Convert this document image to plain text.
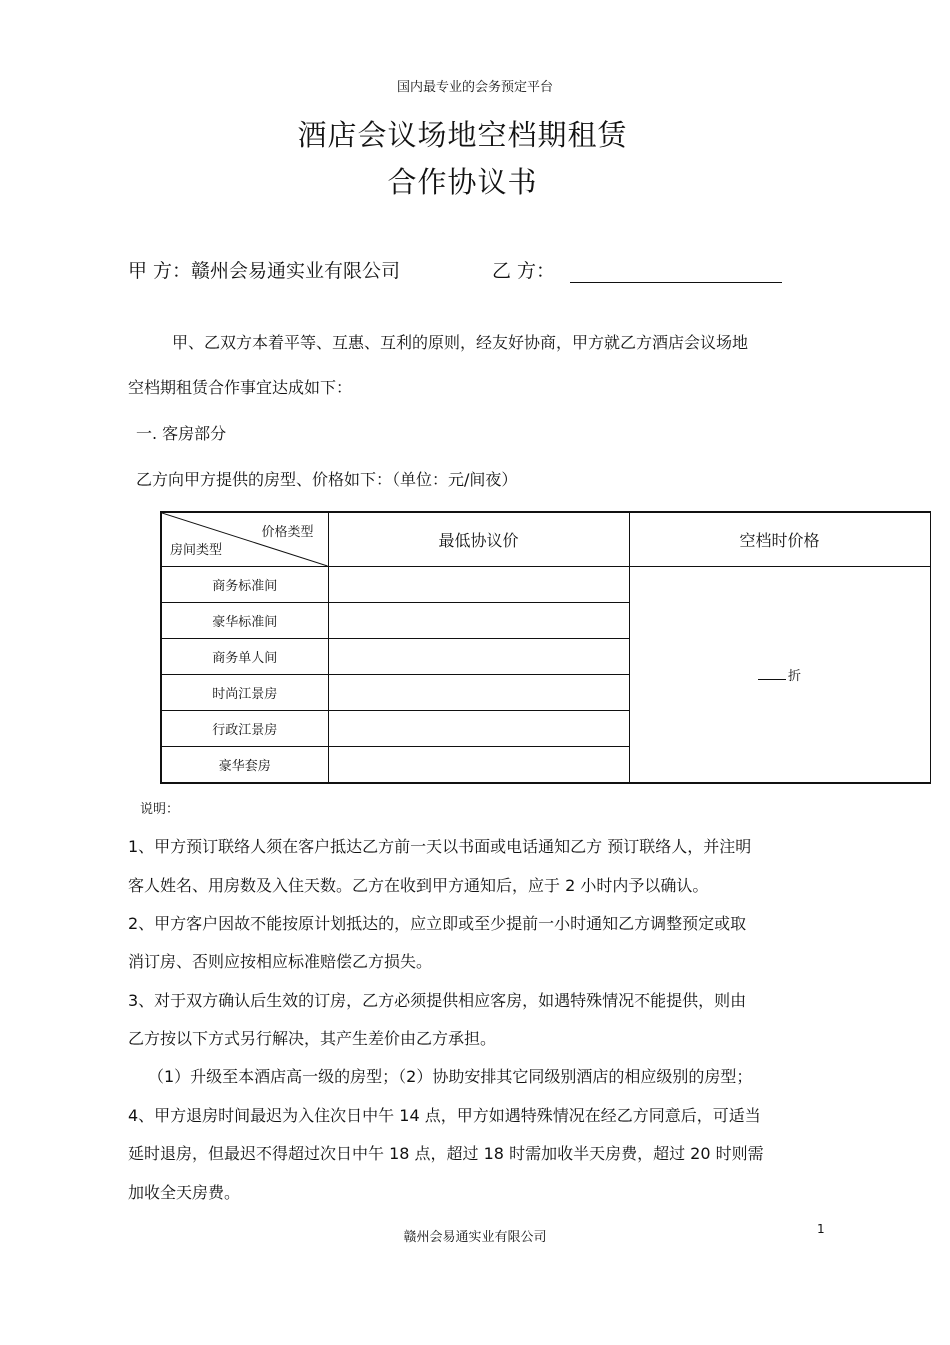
国内最专业的会务预定平台
酒店会议场地空档期租赁
合作协议书
甲 方：赣州会易通实业有限公司	乙 方：
甲、乙双方本着平等、互惠、互利的原则，经友好协商，甲方就乙方酒店会议场地
空档期租赁合作事宜达成如下：
一. 客房部分
乙方向甲方提供的房型、价格如下：（单位：元/间夜）
价格类型
房间类型	最低协议价	空档时价格
商务标准间		折
豪华标准间		
商务单人间		
时尚江景房		
行政江景房		
豪华套房		
说明：
1、甲方预订联络人须在客户抵达乙方前一天以书面或电话通知乙方 预订联络人，并注明
客人姓名、用房数及入住天数。乙方在收到甲方通知后，应于 2 小时内予以确认。
2、甲方客户因故不能按原计划抵达的，应立即或至少提前一小时通知乙方调整预定或取
消订房、否则应按相应标准赔偿乙方损失。
3、对于双方确认后生效的订房，乙方必须提供相应客房，如遇特殊情况不能提供，则由
乙方按以下方式另行解决，其产生差价由乙方承担。
（1）升级至本酒店高一级的房型；（2）协助安排其它同级别酒店的相应级别的房型；
4、甲方退房时间最迟为入住次日中午 14 点，甲方如遇特殊情况在经乙方同意后，可适当
延时退房，但最迟不得超过次日中午 18 点，超过 18 时需加收半天房费，超过 20 时则需
加收全天房费。
赣州会易通实业有限公司
1
